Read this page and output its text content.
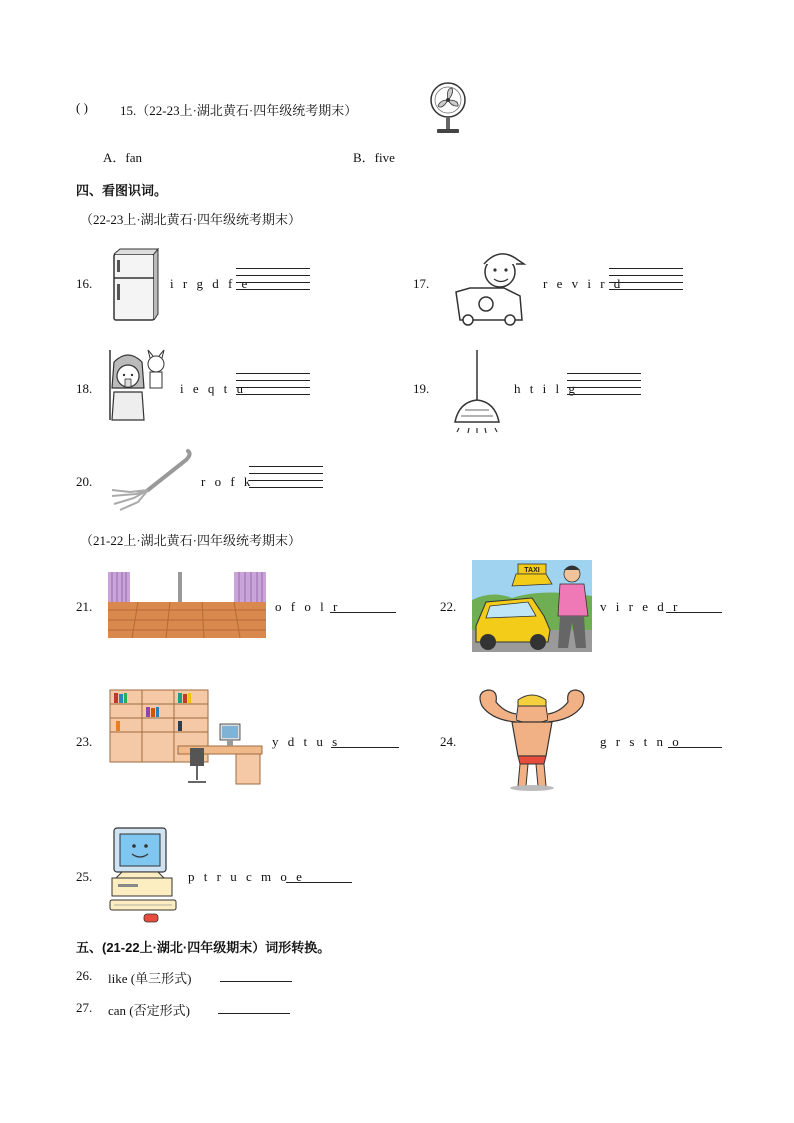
( ) 15.（22-23上·湖北黄石·四年级统考期末）
A．fan	B．five
四、看图识词。
（22-23上·湖北黄石·四年级统考期末）
16.	i r g d f e	17.	r e v i r d
18.	i e q t u	19.	h t i l g
20.	r o f k
（21-22上·湖北黄石·四年级统考期末）
21.	o f o l r	22.
TAXI
v i r e d r
23.	y d t u s	24.	g r s t n o
25.	p t r u c m o e
五、(21-22上·湖北·四年级期末）词形转换。
26. like (单三形式)
27. can (否定形式)
